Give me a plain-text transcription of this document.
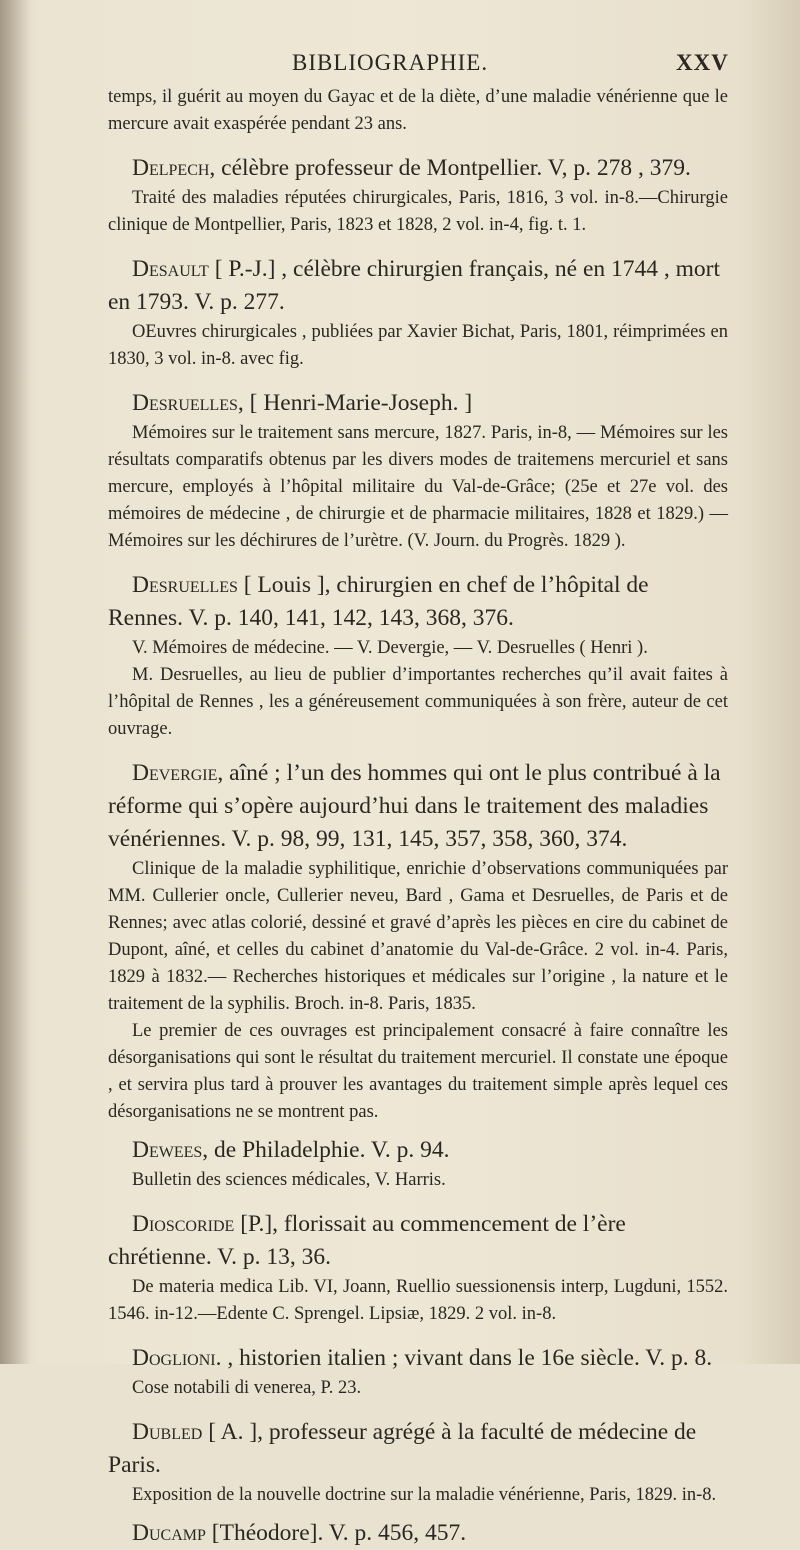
BIBLIOGRAPHIE.	XXV

temps, il guérit au moyen du Gayac et de la diète, d’une maladie vénérienne que le mercure avait exaspérée pendant 23 ans.

Delpech, célèbre professeur de Montpellier. V, p. 278 , 379.

Traité des maladies réputées chirurgicales, Paris, 1816, 3 vol. in-8.—Chirurgie clinique de Montpellier, Paris, 1823 et 1828, 2 vol. in-4, fig. t. 1.

Desault [ P.-J.] , célèbre chirurgien français, né en 1744 , mort en 1793. V. p. 277.

OEuvres chirurgicales , publiées par Xavier Bichat, Paris, 1801, réimprimées en 1830, 3 vol. in-8. avec fig.

Desruelles, [ Henri-Marie-Joseph. ]

Mémoires sur le traitement sans mercure, 1827. Paris, in-8, — Mémoires sur les résultats comparatifs obtenus par les divers modes de traitemens mercuriel et sans mercure, employés à l’hôpital militaire du Val-de-Grâce; (25e et 27e vol. des mémoires de médecine , de chirurgie et de pharmacie militaires, 1828 et 1829.) —Mémoires sur les déchirures de l’urètre. (V. Journ. du Progrès. 1829 ).

Desruelles [ Louis ], chirurgien en chef de l’hôpital de Rennes. V. p. 140, 141, 142, 143, 368, 376.

V. Mémoires de médecine. — V. Devergie, — V. Desruelles ( Henri ).

M. Desruelles, au lieu de publier d’importantes recherches qu’il avait faites à l’hôpital de Rennes , les a généreusement communiquées à son frère, auteur de cet ouvrage.

Devergie, aîné ; l’un des hommes qui ont le plus contribué à la réforme qui s’opère aujourd’hui dans le traitement des maladies vénériennes. V. p. 98, 99, 131, 145, 357, 358, 360, 374.

Clinique de la maladie syphilitique, enrichie d’observations communiquées par MM. Cullerier oncle, Cullerier neveu, Bard , Gama et Desruelles, de Paris et de Rennes; avec atlas colorié, dessiné et gravé d’après les pièces en cire du cabinet de Dupont, aîné, et celles du cabinet d’anatomie du Val-de-Grâce. 2 vol. in-4. Paris, 1829 à 1832.— Recherches historiques et médicales sur l’origine , la nature et le traitement de la syphilis. Broch. in-8. Paris, 1835.

Le premier de ces ouvrages est principalement consacré à faire connaître les désorganisations qui sont le résultat du traitement mercuriel. Il constate une époque , et servira plus tard à prouver les avantages du traitement simple après lequel ces désorganisations ne se montrent pas.

Dewees, de Philadelphie. V. p. 94.

Bulletin des sciences médicales, V. Harris.

Dioscoride [P.], florissait au commencement de l’ère chrétienne. V. p. 13, 36.

De materia medica Lib. VI, Joann, Ruellio suessionensis interp, Lugduni, 1552. 1546. in-12.—Edente C. Sprengel. Lipsiæ, 1829. 2 vol. in-8.

Doglioni. , historien italien ; vivant dans le 16e siècle. V. p. 8.

Cose notabili di venerea, P. 23.

Dubled [ A. ], professeur agrégé à la faculté de médecine de Paris.

Exposition de la nouvelle doctrine sur la maladie vénérienne, Paris, 1829. in-8.

Ducamp [Théodore]. V. p. 456, 457.
